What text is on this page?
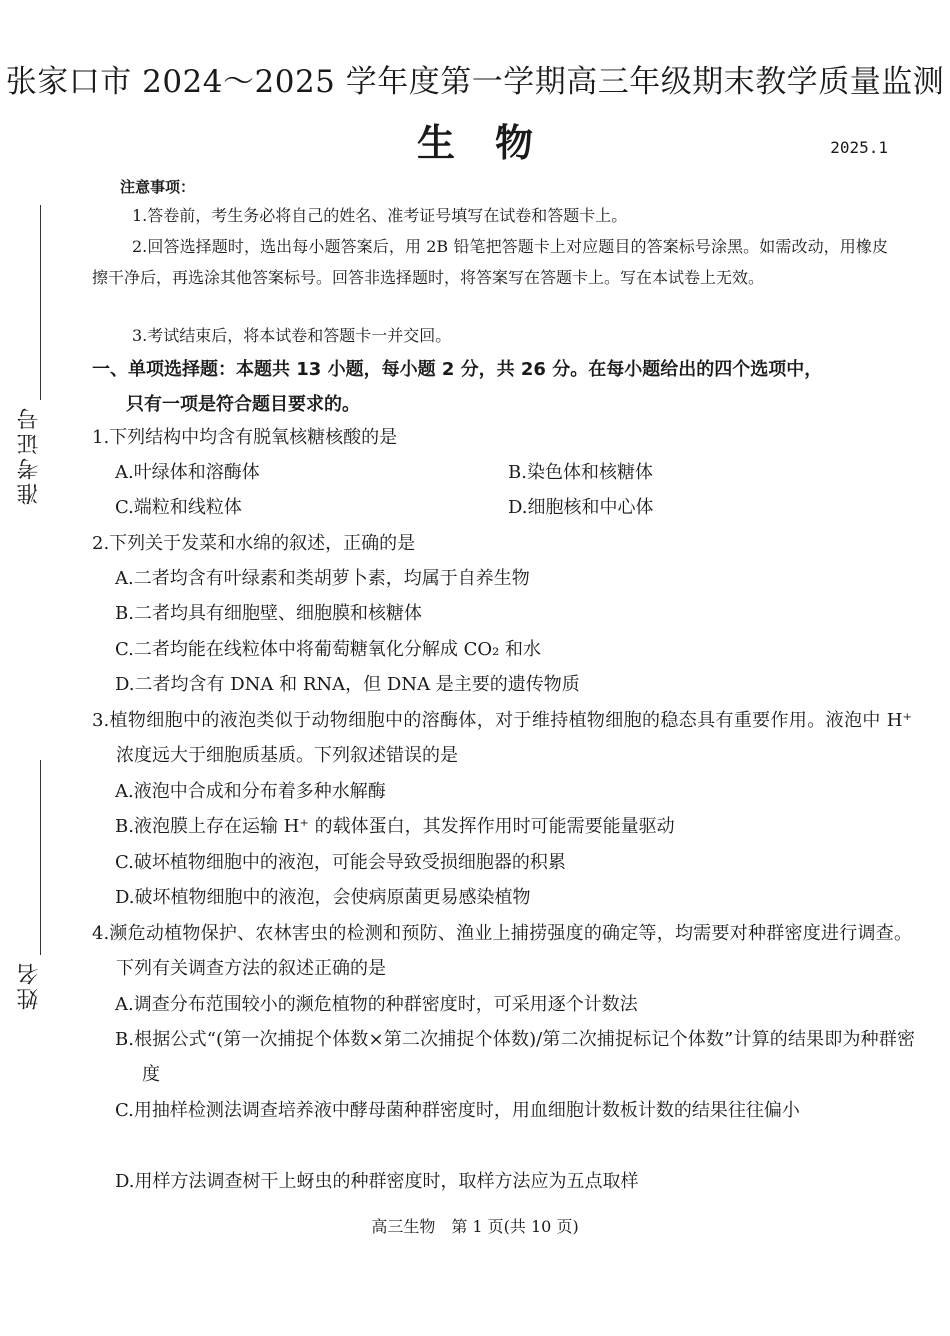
准考证号
姓名
张家口市 2024～2025 学年度第一学期高三年级期末教学质量监测
生物	2025.1
注意事项：
1.答卷前，考生务必将自己的姓名、准考证号填写在试卷和答题卡上。
2.回答选择题时，选出每小题答案后，用 2B 铅笔把答题卡上对应题目的答案标号涂黑。如需改动，用橡皮擦干净后，再选涂其他答案标号。回答非选择题时，将答案写在答题卡上。写在本试卷上无效。
3.考试结束后，将本试卷和答题卡一并交回。
一、单项选择题：本题共 13 小题，每小题 2 分，共 26 分。在每小题给出的四个选项中，
只有一项是符合题目要求的。
1.下列结构中均含有脱氧核糖核酸的是
A.叶绿体和溶酶体	B.染色体和核糖体
C.端粒和线粒体	D.细胞核和中心体
2.下列关于发菜和水绵的叙述，正确的是
A.二者均含有叶绿素和类胡萝卜素，均属于自养生物
B.二者均具有细胞壁、细胞膜和核糖体
C.二者均能在线粒体中将葡萄糖氧化分解成 CO₂ 和水
D.二者均含有 DNA 和 RNA，但 DNA 是主要的遗传物质
3.植物细胞中的液泡类似于动物细胞中的溶酶体，对于维持植物细胞的稳态具有重要作用。液泡中 H⁺ 浓度远大于细胞质基质。下列叙述错误的是
A.液泡中合成和分布着多种水解酶
B.液泡膜上存在运输 H⁺ 的载体蛋白，其发挥作用时可能需要能量驱动
C.破坏植物细胞中的液泡，可能会导致受损细胞器的积累
D.破坏植物细胞中的液泡，会使病原菌更易感染植物
4.濒危动植物保护、农林害虫的检测和预防、渔业上捕捞强度的确定等，均需要对种群密度进行调查。下列有关调查方法的叙述正确的是
A.调查分布范围较小的濒危植物的种群密度时，可采用逐个计数法
B.根据公式“(第一次捕捉个体数×第二次捕捉个体数)/第二次捕捉标记个体数”计算的结果即为种群密度
C.用抽样检测法调查培养液中酵母菌种群密度时，用血细胞计数板计数的结果往往偏小
D.用样方法调查树干上蚜虫的种群密度时，取样方法应为五点取样
高三生物　第 1 页(共 10 页)
